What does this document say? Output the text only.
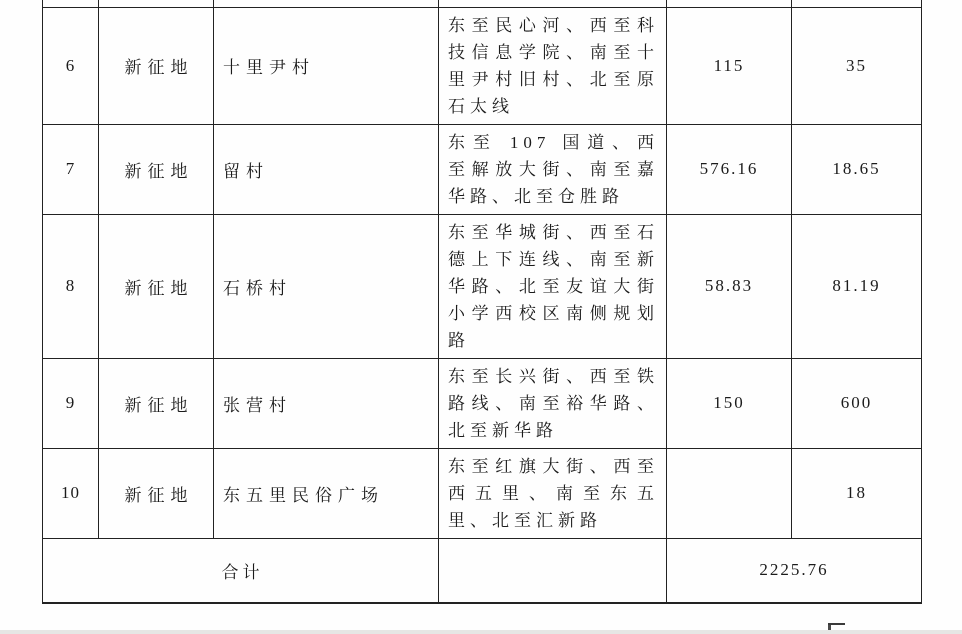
6	新征地	十里尹村	东至民心河、西至科技信息学院、南至十里尹村旧村、北至原石太线	115	35
7	新征地	留村	东至 107 国道、西至解放大街、南至嘉华路、北至仓胜路	576.16	18.65
8	新征地	石桥村	东至华城街、西至石德上下连线、南至新华路、北至友谊大街小学西校区南侧规划路	58.83	81.19
9	新征地	张营村	东至长兴街、西至铁路线、南至裕华路、北至新华路	150	600
10	新征地	东五里民俗广场	东至红旗大街、西至西五里、南至东五里、北至汇新路		18
合计				2225.76	
